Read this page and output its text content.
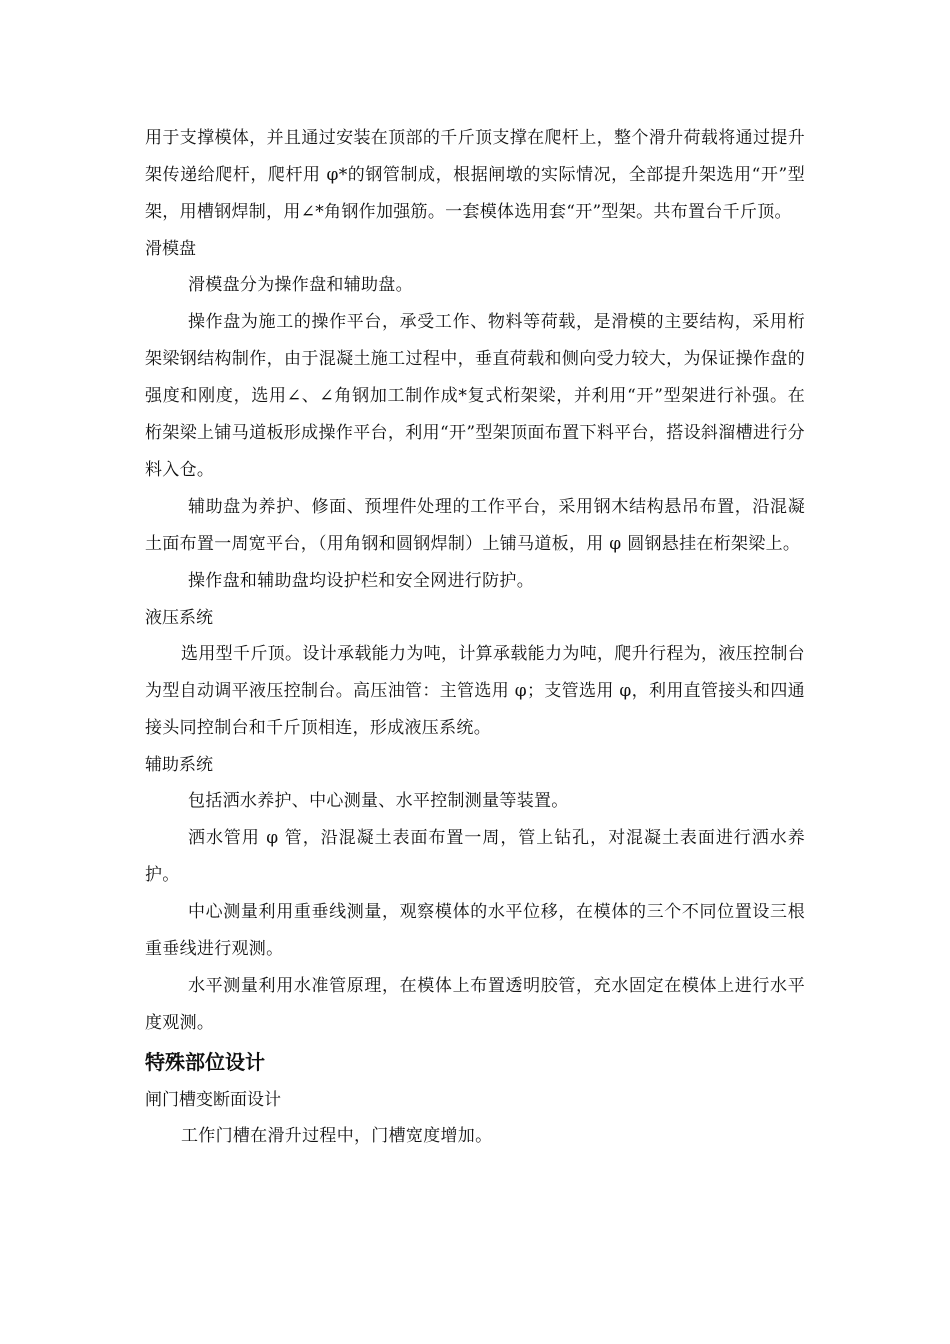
用于支撑模体，并且通过安装在顶部的千斤顶支撑在爬杆上，整个滑升荷载将通过提升架传递给爬杆，爬杆用 φ*的钢管制成，根据闸墩的实际情况，全部提升架选用“开”型架，用槽钢焊制，用∠*角钢作加强筋。一套模体选用套“开”型架。共布置台千斤顶。

滑模盘

滑模盘分为操作盘和辅助盘。

操作盘为施工的操作平台，承受工作、物料等荷载，是滑模的主要结构，采用桁架梁钢结构制作，由于混凝土施工过程中，垂直荷载和侧向受力较大，为保证操作盘的强度和刚度，选用∠、∠角钢加工制作成*复式桁架梁，并利用“开”型架进行补强。在桁架梁上铺马道板形成操作平台，利用“开”型架顶面布置下料平台，搭设斜溜槽进行分料入仓。

辅助盘为养护、修面、预埋件处理的工作平台，采用钢木结构悬吊布置，沿混凝土面布置一周宽平台，（用角钢和圆钢焊制）上铺马道板，用 φ 圆钢悬挂在桁架梁上。

操作盘和辅助盘均设护栏和安全网进行防护。

液压系统

选用型千斤顶。设计承载能力为吨，计算承载能力为吨，爬升行程为，液压控制台为型自动调平液压控制台。高压油管：主管选用 φ；支管选用 φ，利用直管接头和四通接头同控制台和千斤顶相连，形成液压系统。

辅助系统

包括洒水养护、中心测量、水平控制测量等装置。

洒水管用 φ 管，沿混凝土表面布置一周，管上钻孔，对混凝土表面进行洒水养护。

中心测量利用重垂线测量，观察模体的水平位移，在模体的三个不同位置设三根重垂线进行观测。

水平测量利用水准管原理，在模体上布置透明胶管，充水固定在模体上进行水平度观测。

特殊部位设计

闸门槽变断面设计

工作门槽在滑升过程中，门槽宽度增加。
